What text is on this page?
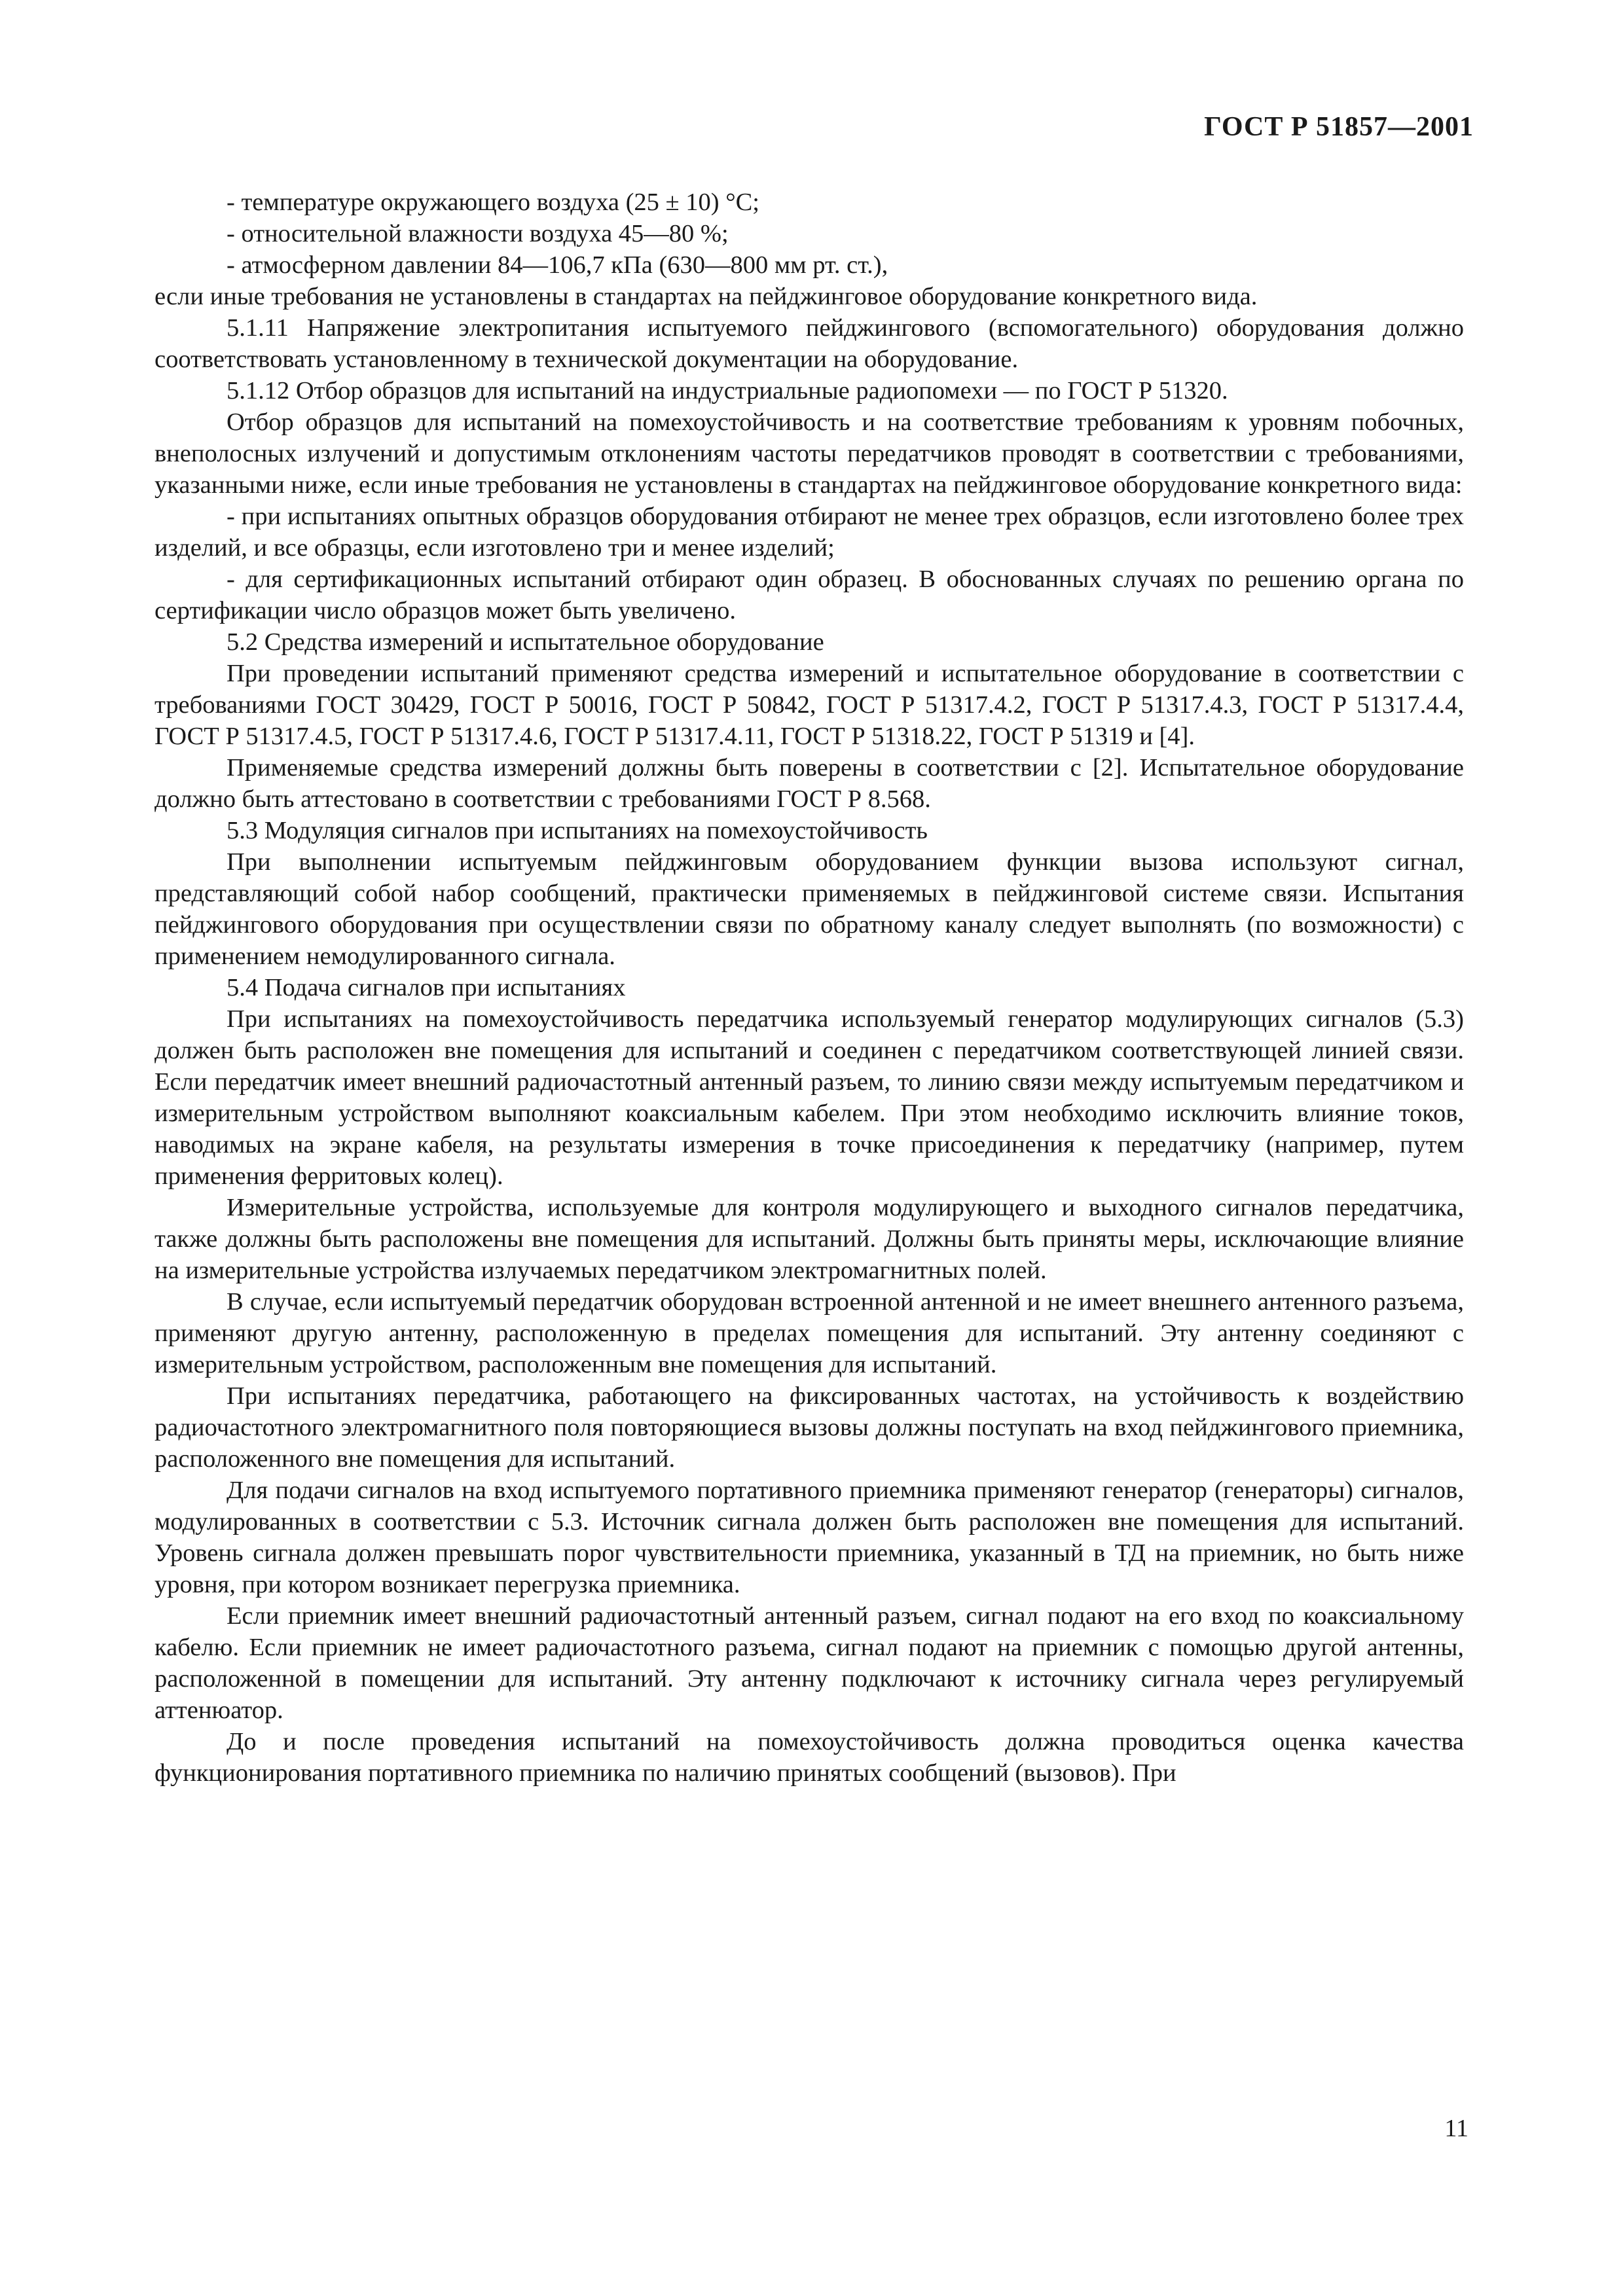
ГОСТ Р 51857—2001

- температуре окружающего воздуха (25 ± 10) °С;

- относительной влажности воздуха 45—80 %;

- атмосферном давлении 84—106,7 кПа (630—800 мм рт. ст.),

если иные требования не установлены в стандартах на пейджинговое оборудование конкретного вида.

5.1.11 Напряжение электропитания испытуемого пейджингового (вспомогательного) оборудования должно соответствовать установленному в технической документации на оборудование.

5.1.12 Отбор образцов для испытаний на индустриальные радиопомехи — по ГОСТ Р 51320.

Отбор образцов для испытаний на помехоустойчивость и на соответствие требованиям к уровням побочных, внеполосных излучений и допустимым отклонениям частоты передатчиков проводят в соответствии с требованиями, указанными ниже, если иные требования не установлены в стандартах на пейджинговое оборудование конкретного вида:

- при испытаниях опытных образцов оборудования отбирают не менее трех образцов, если изготовлено более трех изделий, и все образцы, если изготовлено три и менее изделий;

- для сертификационных испытаний отбирают один образец. В обоснованных случаях по решению органа по сертификации число образцов может быть увеличено.

5.2 Средства измерений и испытательное оборудование

При проведении испытаний применяют средства измерений и испытательное оборудование в соответствии с требованиями ГОСТ 30429, ГОСТ Р 50016, ГОСТ Р 50842, ГОСТ Р 51317.4.2, ГОСТ Р 51317.4.3, ГОСТ Р 51317.4.4, ГОСТ Р 51317.4.5, ГОСТ Р 51317.4.6, ГОСТ Р 51317.4.11, ГОСТ Р 51318.22, ГОСТ Р 51319 и [4].

Применяемые средства измерений должны быть поверены в соответствии с [2]. Испытательное оборудование должно быть аттестовано в соответствии с требованиями ГОСТ Р 8.568.

5.3 Модуляция сигналов при испытаниях на помехоустойчивость

При выполнении испытуемым пейджинговым оборудованием функции вызова используют сигнал, представляющий собой набор сообщений, практически применяемых в пейджинговой системе связи. Испытания пейджингового оборудования при осуществлении связи по обратному каналу следует выполнять (по возможности) с применением немодулированного сигнала.

5.4 Подача сигналов при испытаниях

При испытаниях на помехоустойчивость передатчика используемый генератор модулирующих сигналов (5.3) должен быть расположен вне помещения для испытаний и соединен с передатчиком соответствующей линией связи. Если передатчик имеет внешний радиочастотный антенный разъем, то линию связи между испытуемым передатчиком и измерительным устройством выполняют коаксиальным кабелем. При этом необходимо исключить влияние токов, наводимых на экране кабеля, на результаты измерения в точке присоединения к передатчику (например, путем применения ферритовых колец).

Измерительные устройства, используемые для контроля модулирующего и выходного сигналов передатчика, также должны быть расположены вне помещения для испытаний. Должны быть приняты меры, исключающие влияние на измерительные устройства излучаемых передатчиком электромагнитных полей.

В случае, если испытуемый передатчик оборудован встроенной антенной и не имеет внешнего антенного разъема, применяют другую антенну, расположенную в пределах помещения для испытаний. Эту антенну соединяют с измерительным устройством, расположенным вне помещения для испытаний.

При испытаниях передатчика, работающего на фиксированных частотах, на устойчивость к воздействию радиочастотного электромагнитного поля повторяющиеся вызовы должны поступать на вход пейджингового приемника, расположенного вне помещения для испытаний.

Для подачи сигналов на вход испытуемого портативного приемника применяют генератор (генераторы) сигналов, модулированных в соответствии с 5.3. Источник сигнала должен быть расположен вне помещения для испытаний. Уровень сигнала должен превышать порог чувствительности приемника, указанный в ТД на приемник, но быть ниже уровня, при котором возникает перегрузка приемника.

Если приемник имеет внешний радиочастотный антенный разъем, сигнал подают на его вход по коаксиальному кабелю. Если приемник не имеет радиочастотного разъема, сигнал подают на приемник с помощью другой антенны, расположенной в помещении для испытаний. Эту антенну подключают к источнику сигнала через регулируемый аттенюатор.

До и после проведения испытаний на помехоустойчивость должна проводиться оценка качества функционирования портативного приемника по наличию принятых сообщений (вызовов). При

11
